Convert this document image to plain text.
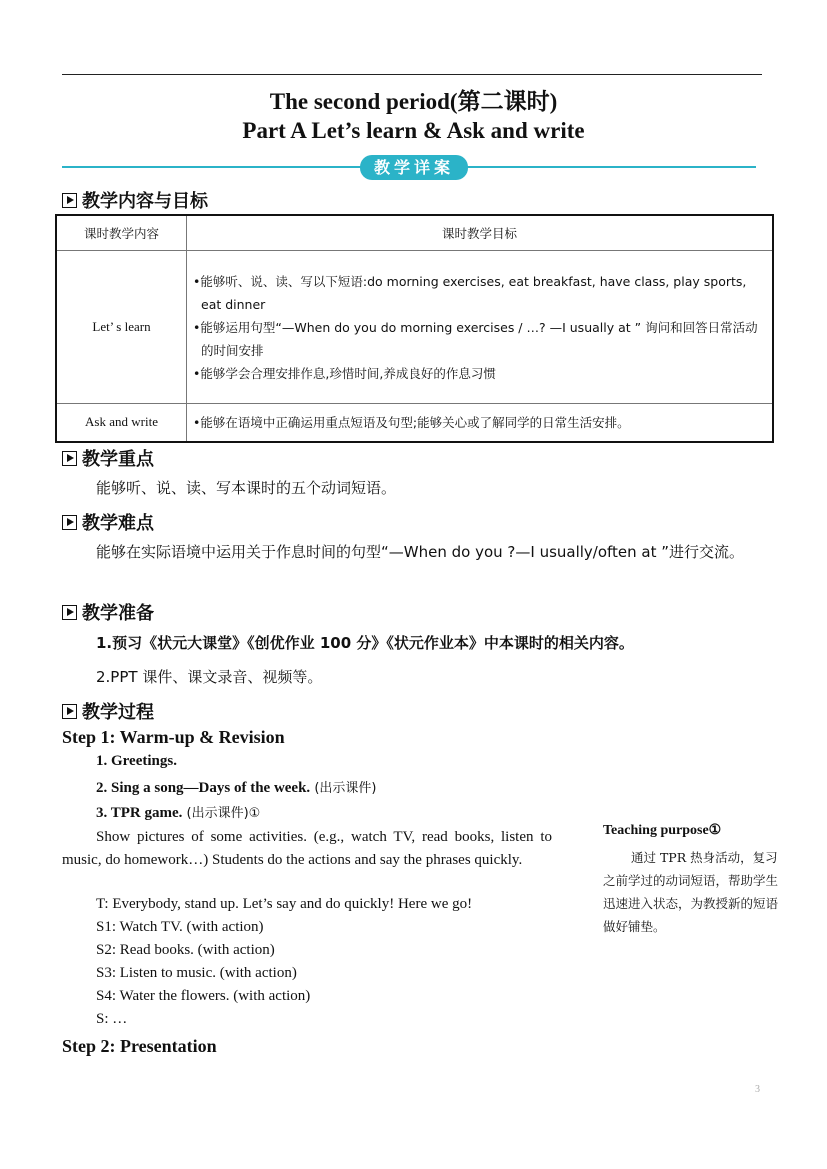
The second period(第二课时)
Part A Let’s learn & Ask and write
教学详案
教学内容与目标
课时教学内容	课时教学目标
Let’ s learn	•能够听、说、读、写以下短语:do morning exercises, eat breakfast, have class, play sports, eat dinner
•能够运用句型“—When do you do morning exercises / …? —I usually at ” 询问和回答日常活动的时间安排
•能够学会合理安排作息,珍惜时间,养成良好的作息习惯

Ask and write	•能够在语境中正确运用重点短语及句型;能够关心或了解同学的日常生活安排。
教学重点
能够听、说、读、写本课时的五个动词短语。
教学难点
能够在实际语境中运用关于作息时间的句型“—When do you ?—I usually/often at ”进行交流。
教学准备
1.预习《状元大课堂》《创优作业 100 分》《状元作业本》中本课时的相关内容。
2.PPT 课件、课文录音、视频等。
教学过程
Step 1: Warm-up & Revision
1. Greetings.
2. Sing a song—Days of the week. (出示课件)
3. TPR game. (出示课件)①
Show pictures of some activities. (e.g., watch TV, read books, listen to music, do homework…) Students do the actions and say the phrases quickly.
T: Everybody, stand up. Let’s say and do quickly! Here we go!
S1: Watch TV. (with action)
S2: Read books. (with action)
S3: Listen to music. (with action)
S4: Water the flowers. (with action)
S: …
Step 2: Presentation
Teaching purpose①
通过 TPR 热身活动，复习之前学过的动词短语，帮助学生迅速进入状态，为教授新的短语做好铺垫。
3
